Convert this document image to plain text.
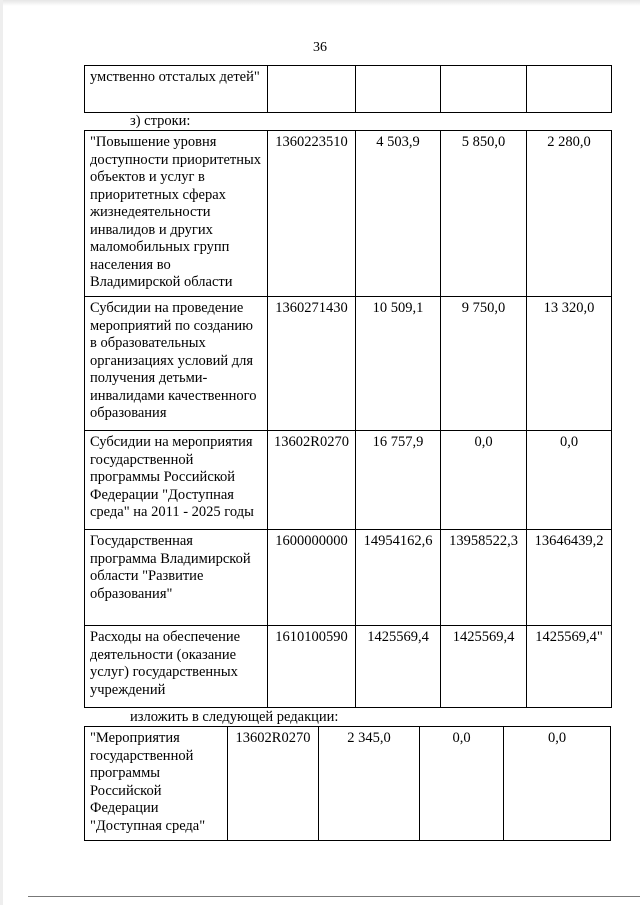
36
умственно отсталых детей"				
з) строки:
"Повышение уровня доступности приоритетных объектов и услуг в приоритетных сферах жизнедеятельности инвалидов и других маломобильных групп населения во Владимирской области	1360223510	4 503,9	5 850,0	2 280,0
Субсидии на проведение мероприятий по созданию в образовательных организациях условий для получения детьми-инвалидами качественного образования	1360271430	10 509,1	9 750,0	13 320,0
Субсидии на мероприятия государственной программы Российской Федерации "Доступная среда" на 2011 - 2025 годы	13602R0270	16 757,9	0,0	0,0
Государственная программа Владимирской области "Развитие образования"	1600000000	14954162,6	13958522,3	13646439,2
Расходы на обеспечение деятельности (оказание услуг) государственных учреждений	1610100590	1425569,4	1425569,4	1425569,4"
изложить в следующей редакции:
"Мероприятия государственной программы Российской Федерации "Доступная среда"	13602R0270	2 345,0	0,0	0,0
